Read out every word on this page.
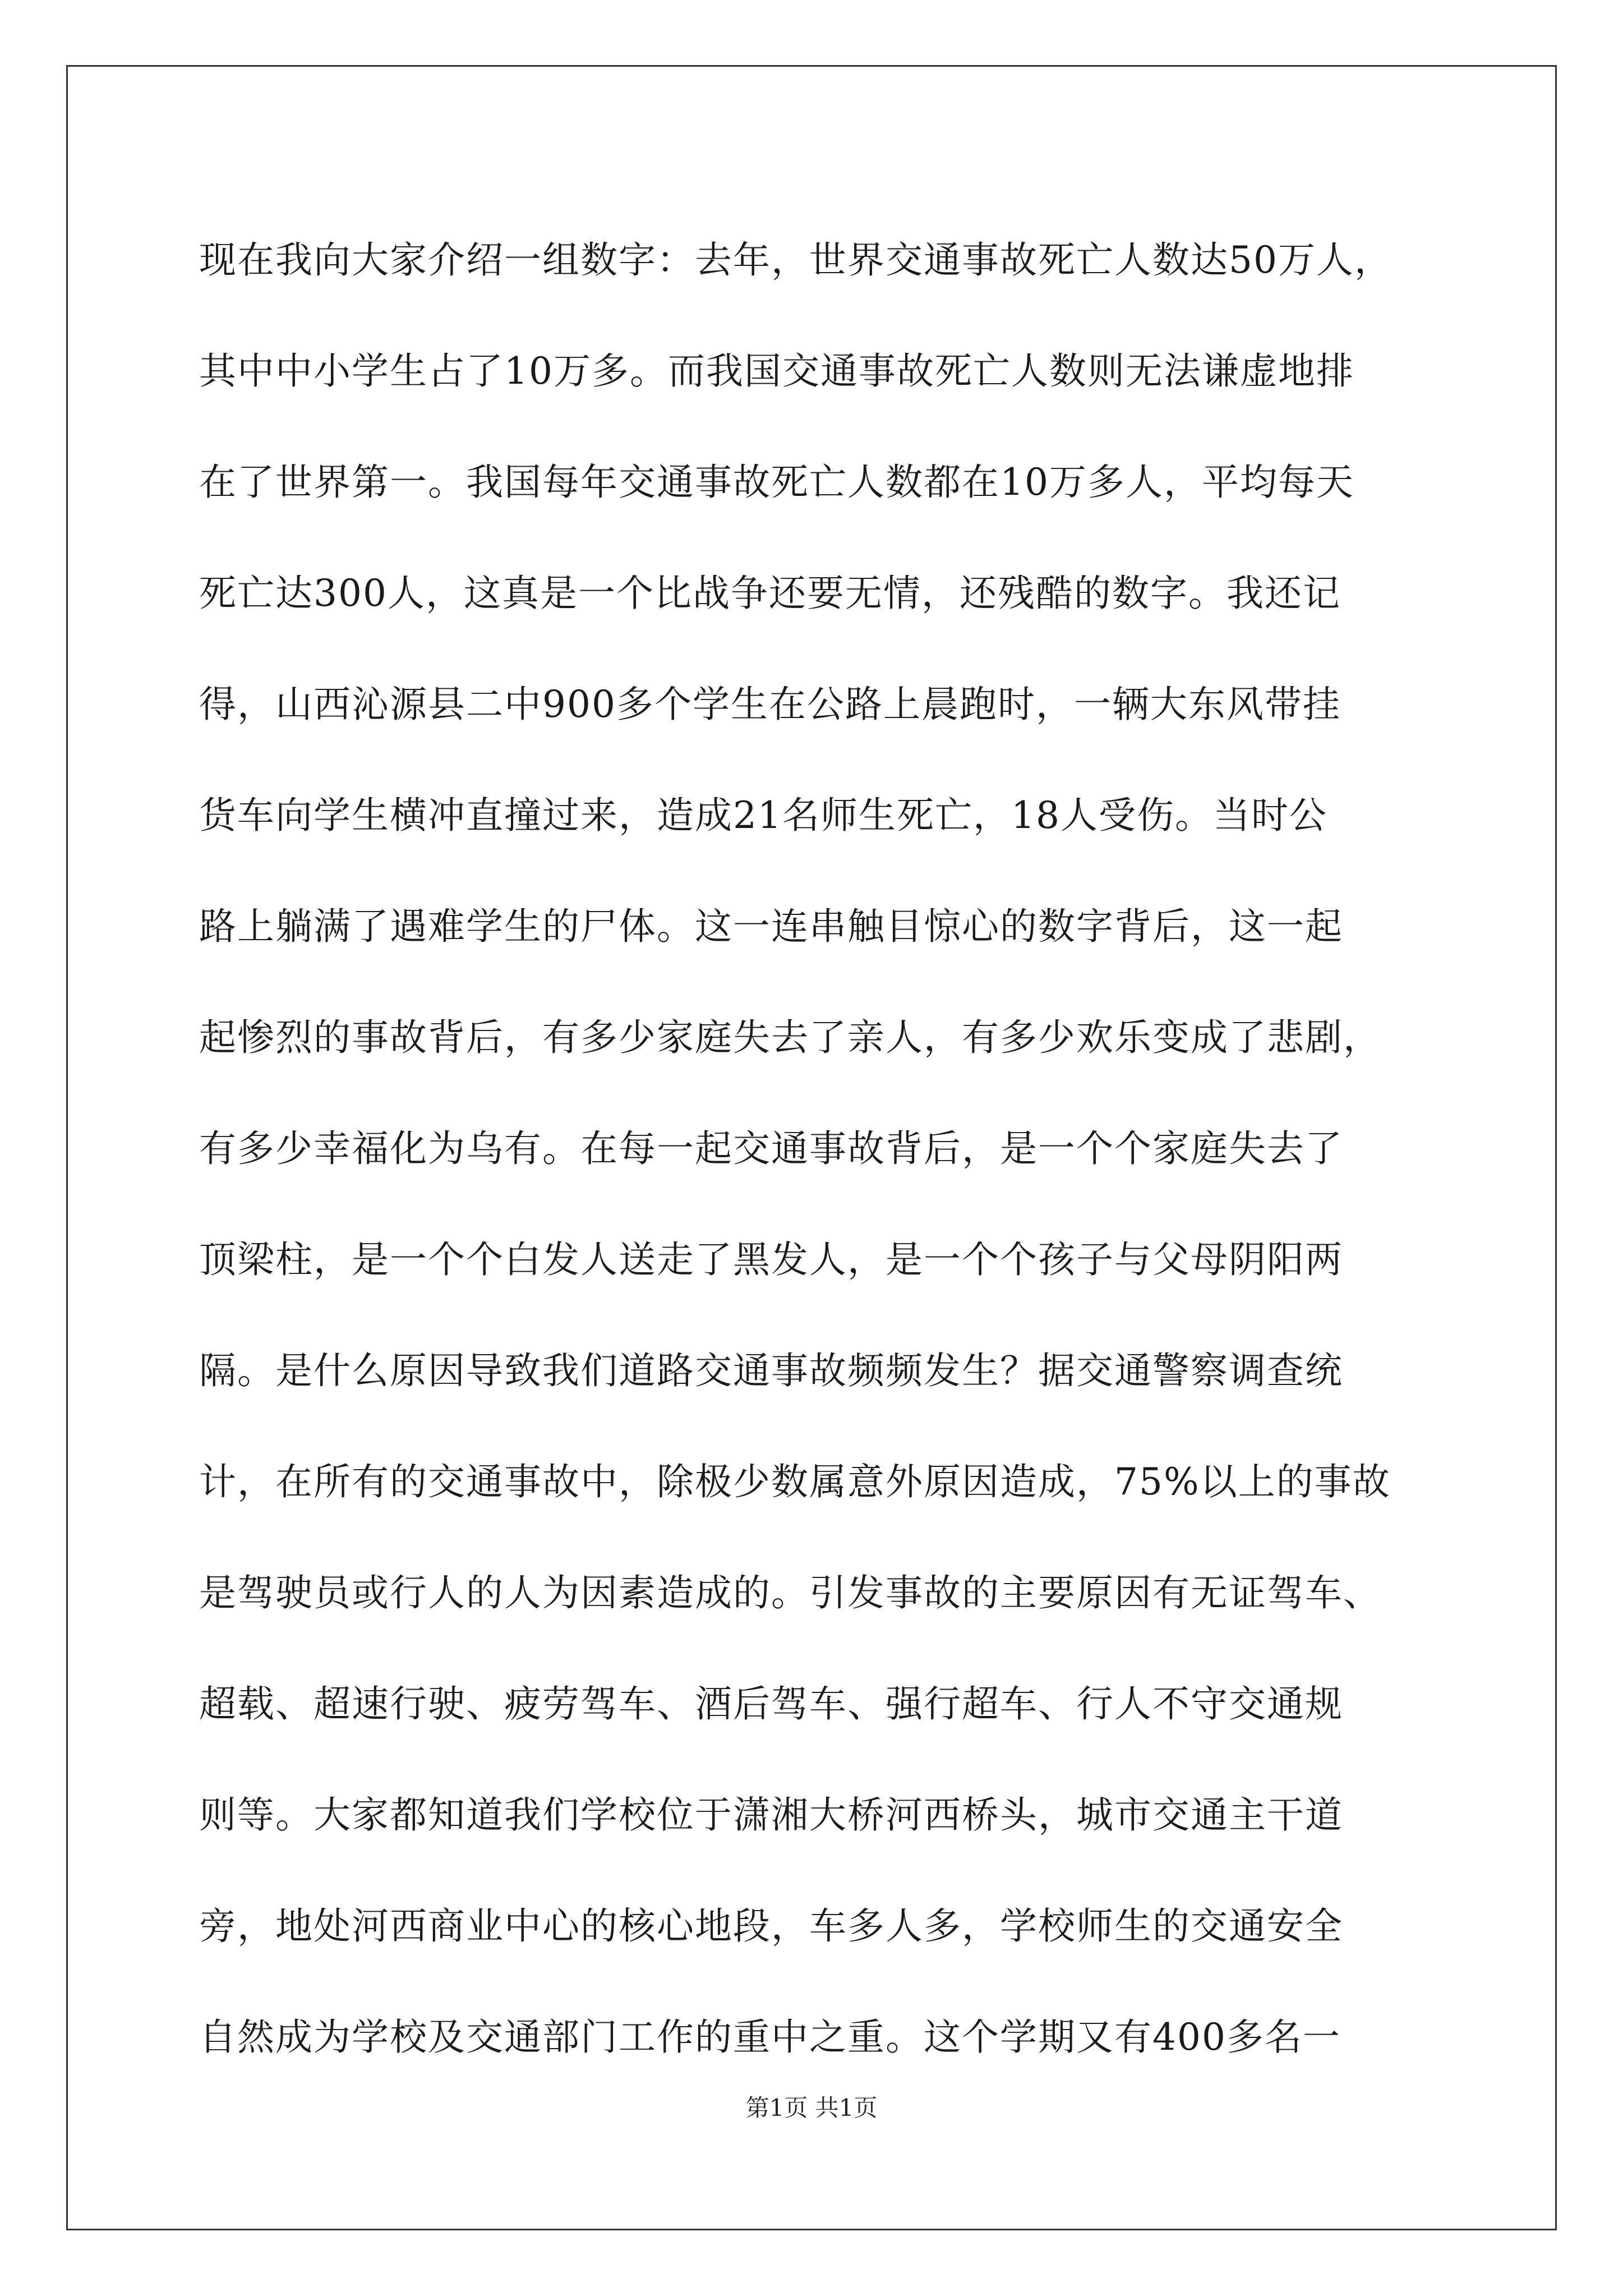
现在我向大家介绍一组数字：去年，世界交通事故死亡人数达50万人，
其中中小学生占了10万多。而我国交通事故死亡人数则无法谦虚地排
在了世界第一。我国每年交通事故死亡人数都在10万多人，平均每天
死亡达300人，这真是一个比战争还要无情，还残酷的数字。我还记
得，山西沁源县二中900多个学生在公路上晨跑时，一辆大东风带挂
货车向学生横冲直撞过来，造成21名师生死亡，18人受伤。当时公
路上躺满了遇难学生的尸体。这一连串触目惊心的数字背后，这一起
起惨烈的事故背后，有多少家庭失去了亲人，有多少欢乐变成了悲剧，
有多少幸福化为乌有。在每一起交通事故背后，是一个个家庭失去了
顶梁柱，是一个个白发人送走了黑发人，是一个个孩子与父母阴阳两
隔。是什么原因导致我们道路交通事故频频发生？据交通警察调查统
计，在所有的交通事故中，除极少数属意外原因造成，75%以上的事故
是驾驶员或行人的人为因素造成的。引发事故的主要原因有无证驾车、
超载、超速行驶、疲劳驾车、酒后驾车、强行超车、行人不守交通规
则等。大家都知道我们学校位于潇湘大桥河西桥头，城市交通主干道
旁，地处河西商业中心的核心地段，车多人多，学校师生的交通安全
自然成为学校及交通部门工作的重中之重。这个学期又有400多名一
第1页 共1页
